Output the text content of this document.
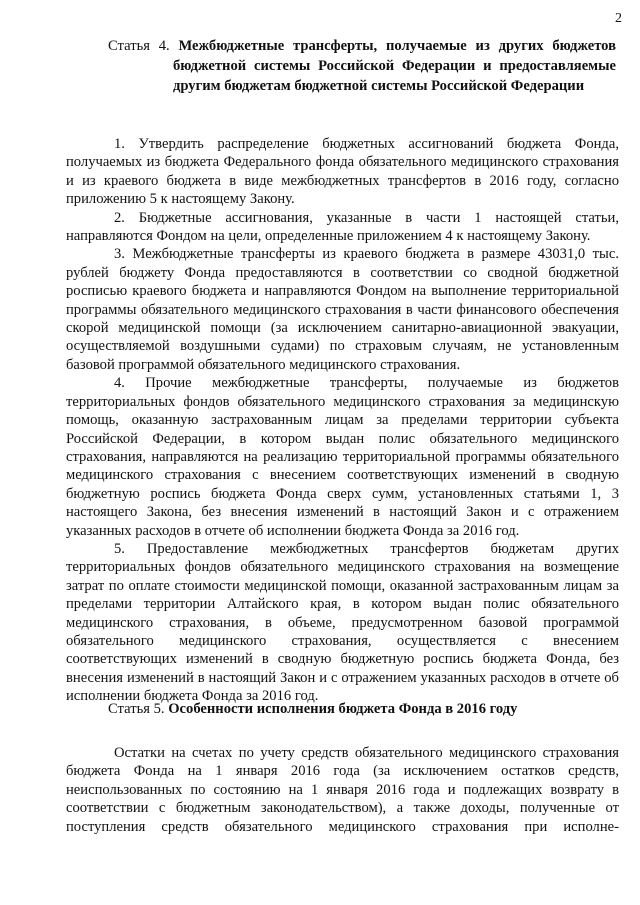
2
Статья 4. Межбюджетные трансферты, получаемые из других бюджетов бюджетной системы Российской Федерации и предоставляемые другим бюджетам бюджетной системы Российской Федерации

1. Утвердить распределение бюджетных ассигнований бюджета Фонда, получаемых из бюджета Федерального фонда обязательного медицинского страхования и из краевого бюджета в виде межбюджетных трансфертов в 2016 году, согласно приложению 5 к настоящему Закону.

2. Бюджетные ассигнования, указанные в части 1 настоящей статьи, направляются Фондом на цели, определенные приложением 4 к настоящему Закону.

3. Межбюджетные трансферты из краевого бюджета в размере 43031,0 тыс. рублей бюджету Фонда предоставляются в соответствии со сводной бюджетной росписью краевого бюджета и направляются Фондом на выполнение территориальной программы обязательного медицинского страхования в части финансового обеспечения скорой медицинской помощи (за исключением санитарно-авиационной эвакуации, осуществляемой воздушными судами) по страховым случаям, не установленным базовой программой обязательного медицинского страхования.

4. Прочие межбюджетные трансферты, получаемые из бюджетов территориальных фондов обязательного медицинского страхования за медицинскую помощь, оказанную застрахованным лицам за пределами территории субъекта Российской Федерации, в котором выдан полис обязательного медицинского страхования, направляются на реализацию территориальной программы обязательного медицинского страхования с внесением соответствующих изменений в сводную бюджетную роспись бюджета Фонда сверх сумм, установленных статьями 1, 3 настоящего Закона, без внесения изменений в настоящий Закон и с отражением указанных расходов в отчете об исполнении бюджета Фонда за 2016 год.

5. Предоставление межбюджетных трансфертов бюджетам других территориальных фондов обязательного медицинского страхования на возмещение затрат по оплате стоимости медицинской помощи, оказанной застрахованным лицам за пределами территории Алтайского края, в котором выдан полис обязательного медицинского страхования, в объеме, предусмотренном базовой программой обязательного медицинского страхования, осуществляется с внесением соответствующих изменений в сводную бюджетную роспись бюджета Фонда, без внесения изменений в настоящий Закон и с отражением указанных расходов в отчете об исполнении бюджета Фонда за 2016 год.

Статья 5. Особенности исполнения бюджета Фонда в 2016 году

Остатки на счетах по учету средств обязательного медицинского страхования бюджета Фонда на 1 января 2016 года (за исключением остатков средств, неиспользованных по состоянию на 1 января 2016 года и подлежащих возврату в соответствии с бюджетным законодательством), а также доходы, полученные от поступления средств обязательного медицинского страхования при исполне-
